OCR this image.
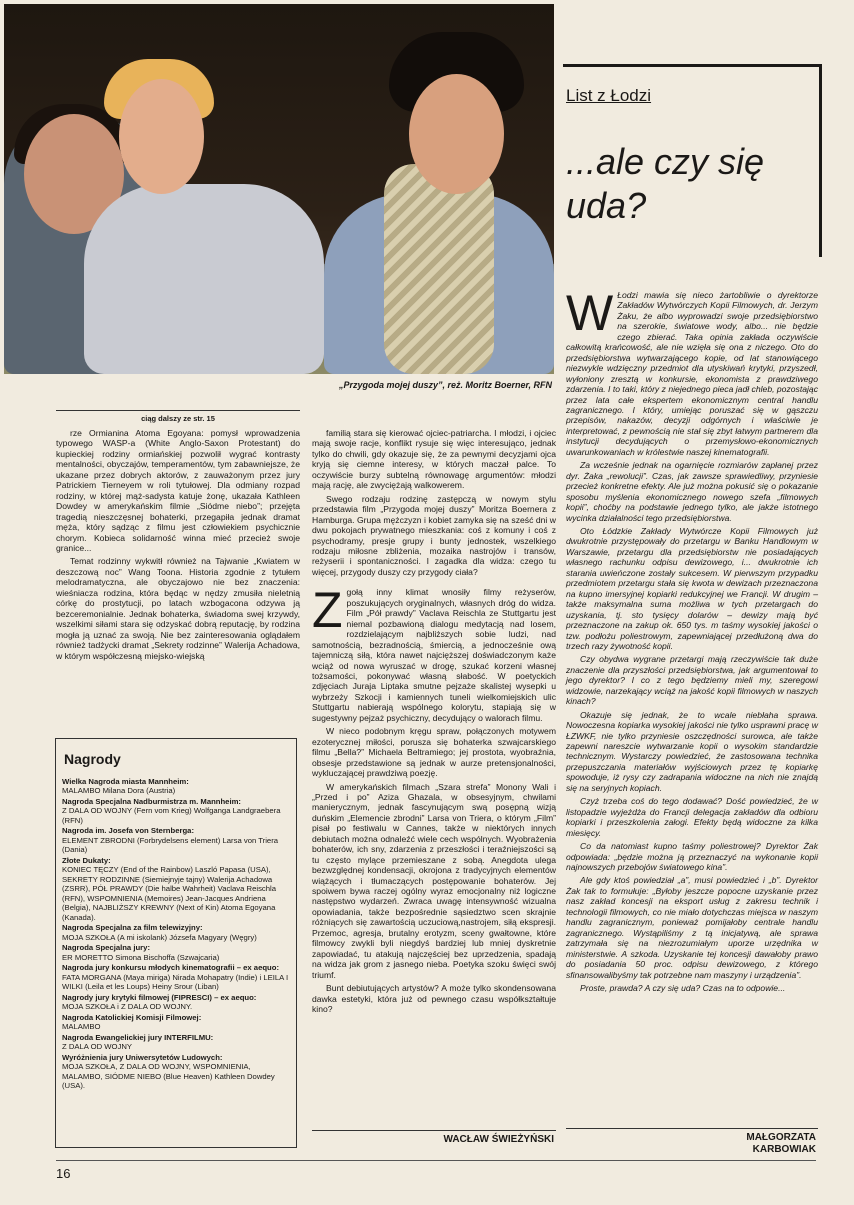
„Przygoda mojej duszy”, reż. Moritz Boerner, RFN
List z Łodzi
...ale czy się uda?
ciąg dalszy ze str. 15

rze Ormianina Atoma Egoyana: pomysł wprowadzenia typowego WASP-a (White Anglo-Saxon Protestant) do kupieckiej rodziny ormiańskiej pozwolił wygrać kontrasty mentalności, obyczajów, temperamentów, tym zabawniejsze, że ukazane przez dobrych aktorów, z zauważonym przez jury Patrickiem Tierneyem w roli tytułowej. Dla odmiany rozpad rodziny, w której mąż-sadysta katuje żonę, ukazała Kathleen Dowdey w amerykańskim filmie „Siódme niebo”; przejęta tragedią nieszczęsnej bohaterki, przegapiła jednak dramat męża, który sądząc z filmu jest człowiekiem psychicznie chorym. Kobieca solidarność winna mieć przecież swoje granice...

Temat rodzinny wykwitł również na Tajwanie „Kwiatem w deszczową noc” Wang Toona. Historia zgodnie z tytułem melodramatyczna, ale obyczajowo nie bez znaczenia: wieśniacza rodzina, która będąc w nędzy zmusiła nieletnią córkę do prostytucji, po latach wzbogacona odzywa ją bezceremonialnie. Jednak bohaterka, świadoma swej krzywdy, wszelkimi siłami stara się odzyskać dobrą reputację, by rodzina mogła ją uznać za swoją. Nie bez zainteresowania oglądałem również tadżycki dramat „Sekrety rodzinne” Walerija Achadowa, w którym współczesną miejsko-wiejską

Nagrody
Wielka Nagroda miasta Mannheim:
MALAMBO Milana Dora (Austria)
Nagroda Specjalna Nadburmistrza m. Mannheim:
Z DALA OD WOJNY (Fern vom Krieg) Wolfganga Landgraebera (RFN)
Nagroda im. Josefa von Sternberga:
ELEMENT ZBRODNI (Forbrydelsens element) Larsa von Triera (Dania)
Złote Dukaty:
KONIEC TĘCZY (End of the Rainbow) Laszló Papasa (USA), SEKRETY RODZINNE (Siemiejnyje tajny) Walerija Achadowa (ZSRR), PÓŁ PRAWDY (Die halbe Wahrheit) Vaclava Reischla (RFN), WSPOMNIENIA (Memoires) Jean-Jacques Andriena (Belgia), NAJBLIŻSZY KREWNY (Next of Kin) Atoma Egoyana (Kanada).
Nagroda Specjalna za film telewizyjny:
MOJA SZKOŁA (A mi iskolank) Józsefa Magyary (Węgry)
Nagroda Specjalna jury:
ER MORETTO Simona Bischoffa (Szwajcaria)
Nagroda jury konkursu młodych kinematografii – ex aequo:
FATA MORGANA (Maya miriga) Nirada Mohapatry (Indie) i LEILA I WILKI (Leila et les Loups) Heiny Srour (Liban)
Nagrody jury krytyki filmowej (FIPRESCI) – ex aequo:
MOJA SZKOŁA i Z DALA OD WOJNY.
Nagroda Katolickiej Komisji Filmowej:
MALAMBO
Nagroda Ewangelickiej jury INTERFILMU:
Z DALA OD WOJNY
Wyróżnienia jury Uniwersytetów Ludowych:
MOJA SZKOŁA, Z DALA OD WOJNY, WSPOMNIENIA, MALAMBO, SIÓDME NIEBO (Blue Heaven) Kathleen Dowdey (USA).

familią stara się kierować ojciec-patriarcha. I młodzi, i ojciec mają swoje racje, konflikt rysuje się więc interesująco, jednak tylko do chwili, gdy okazuje się, że za pewnymi decyzjami ojca kryją się ciemne interesy, w których maczał palce. To oczywiście burzy subtelną równowagę argumentów: młodzi mają rację, ale zwyciężają walkowerem.

Swego rodzaju rodzinę zastępczą w nowym stylu przedstawia film „Przygoda mojej duszy” Moritza Boernera z Hamburga. Grupa mężczyzn i kobiet zamyka się na sześć dni w dwu pokojach prywatnego mieszkania: coś z komuny i coś z psychodramy, presje grupy i bunty jednostek, wszelkiego rodzaju miłosne zbliżenia, mozaika nastrojów i transów, reżyserii i spontaniczności. I zagadka dla widza: czego tu więcej, przygody duszy czy przygody ciała?

Zgołą inny klimat wnosiły filmy reżyserów, poszukujących oryginalnych, własnych dróg do widza. Film „Pół prawdy” Vaclava Reischla ze Stuttgartu jest niemal pozbawioną dialogu medytacją nad losem, rozdzielającym najbliższych sobie ludzi, nad samotnością, bezradnością, śmiercią, a jednocześnie ową tajemniczą siłą, która nawet najcięższej doświadczonym każe wciąż od nowa wyruszać w drogę, szukać korzeni własnej tożsamości, pokonywać własną słabość. W poetyckich zdjęciach Juraja Liptaka smutne pejzaże skalistej wysepki u wybrzeży Szkocji i kamiennych tuneli wielkomiejskich ulic Stuttgartu nabierają wspólnego kolorytu, stapiają się w sugestywny pejzaż psychiczny, decydujący o walorach filmu.

W nieco podobnym kręgu spraw, połączonych motywem ezoterycznej miłości, porusza się bohaterka szwajcarskiego filmu „Bella?” Michaela Beltramiego; jej prostota, wyobraźnia, obsesje przedstawione są jednak w aurze pretensjonalności, wykluczającej prawdziwą poezję.

W amerykańskich filmach „Szara strefa” Monony Wali i „Przed i po” Aziza Ghazala, w obsesyjnym, chwilami manierycznym, jednak fascynującym swą posępną wizją duńskim „Elemencie zbrodni” Larsa von Triera, o którym „Film” pisał po festiwalu w Cannes, także w niektórych innych debiutach można odnaleźć wiele cech wspólnych. Wyobrażenia bohaterów, ich sny, zdarzenia z przeszłości i teraźniejszości są tu często mylące przemieszane z sobą. Anegdota ulega bezwzględnej kondensacji, okrojona z tradycyjnych elementów wiążących i tłumaczących postępowanie bohaterów. Jej spoiwem bywa raczej ogólny wyraz emocjonalny niż logiczne następstwo wydarzeń. Zwraca uwagę intensywność wizualna opowiadania, także bezpośrednie sąsiedztwo scen skrajnie różniących się zawartością uczuciową,nastrojem, siłą ekspresji. Przemoc, agresja, brutalny erotyzm, sceny gwałtowne, które filmowcy zwykli byli niegdyś bardziej lub mniej dyskretnie zapowiadać, tu atakują najczęściej bez uprzedzenia, spadają na widza jak grom z jasnego nieba. Poetyka szoku święci swój triumf.

Bunt debiutujących artystów? A może tylko skondensowana dawka estetyki, która już od pewnego czasu współkształtuje kino?

WACŁAW ŚWIEŻYŃSKI

W Łodzi mawia się nieco żartobliwie o dyrektorze Zakładów Wytwórczych Kopii Filmowych, dr. Jerzym Żaku, że albo wyprowadzi swoje przedsiębiorstwo na szerokie, światowe wody, albo... nie będzie czego zbierać. Taka opinia zakłada oczywiście całkowitą krańcowość, ale nie wzięła się ona z niczego. Oto do przedsiębiorstwa wytwarzającego kopie, od lat stanowiącego niezwykle wdzięczny przedmiot dla utyskiwań krytyki, przyszedł, wyłoniony zresztą w konkursie, ekonomista z prawdziwego zdarzenia. I to taki, który z niejednego pieca jadł chleb, pozostając przez lata całe ekspertem ekonomicznym central handlu zagranicznego. I który, umiejąc poruszać się w gąszczu przepisów, nakazów, decyzji odgórnych i właściwie je interpretować, z pewnością nie stał się zbyt łatwym partnerem dla instytucji decydujących o przemysłowo-ekonomicznych uwarunkowaniach w królestwie naszej kinematografii.

Za wcześnie jednak na ogarnięcie rozmiarów zapłanej przez dyr. Żaka „rewolucji”. Czas, jak zawsze sprawiedliwy, przyniesie przecież konkretne efekty. Ale już można pokusić się o pokazanie sposobu myślenia ekonomicznego nowego szefa „filmowych kopii”, choćby na podstawie jednego tylko, ale jakże istotnego wycinka działalności tego przedsiębiorstwa.

Oto Łódzkie Zakłady Wytwórcze Kopii Filmowych już dwukrotnie przystępowały do przetargu w Banku Handlowym w Warszawie, przetargu dla przedsiębiorstw nie posiadających własnego rachunku odpisu dewizowego, i... dwukrotnie ich starania uwieńczone zostały sukcesem. W pierwszym przypadku przedmiotem przetargu stała się kwota w dewizach przeznaczona na kupno imersyjnej kopiarki redukcyjnej we Francji. W drugim – także maksymalna suma możliwa w tych przetargach do uzyskania, tj. sto tysięcy dolarów – dewizy mają być przeznaczone na zakup ok. 650 tys. m taśmy wysokiej jakości o tzw. podłożu poliestrowym, zapewniającej przedłużoną dwa do trzech razy żywotność kopii.

Czy obydwa wygrane przetargi mają rzeczywiście tak duże znaczenie dla przyszłości przedsiębiorstwa, jak argumentował to jego dyrektor? I co z tego będziemy mieli my, szeregowi widzowie, narzekający wciąż na jakość kopii filmowych w naszych kinach?

Okazuje się jednak, że to wcale niebłaha sprawa. Nowoczesna kopiarka wysokiej jakości nie tylko usprawni pracę w ŁZWKF, nie tylko przyniesie oszczędności surowca, ale także zapewni nareszcie wytwarzanie kopii o wysokim standardzie technicznym. Wystarczy powiedzieć, że zastosowana technika przepuszczania materiałów wyjściowych przez tę kopiarkę spowoduje, iż rysy czy zadrapania widoczne na nich nie znajdą się na seryjnych kopiach.

Czyż trzeba coś do tego dodawać? Dość powiedzieć, że w listopadzie wyjeżdża do Francji delegacja zakładów dla odbioru kopiarki i przeszkolenia załogi. Efekty będą widoczne za kilka miesięcy.

Co da natomiast kupno taśmy poliestrowej? Dyrektor Żak odpowiada: „będzie można ją przeznaczyć na wykonanie kopii najnowszych przebojów światowego kina”.

Ale gdy ktoś powiedział „a”, musi powiedzieć i „b”. Dyrektor Żak tak to formułuje: „Byłoby jeszcze popocne uzyskanie przez nasz zakład koncesji na eksport usług z zakresu technik i technologii filmowych, co nie miało dotychczas miejsca w naszym handlu zagranicznym, ponieważ pomijałoby centrale handlu zagranicznego. Wystąpiliśmy z tą inicjatywą, ale sprawa zatrzymała się na niezrozumiałym uporze urzędnika w ministerstwie. A szkoda. Uzyskanie tej koncesji dawałoby prawo do posiadania 50 proc. odpisu dewizowego, z którego sfinansowalibyśmy tak potrzebne nam maszyny i urządzenia”.

Proste, prawda? A czy się uda? Czas na to odpowie...

MAŁGORZATA KARBOWIAK
16
